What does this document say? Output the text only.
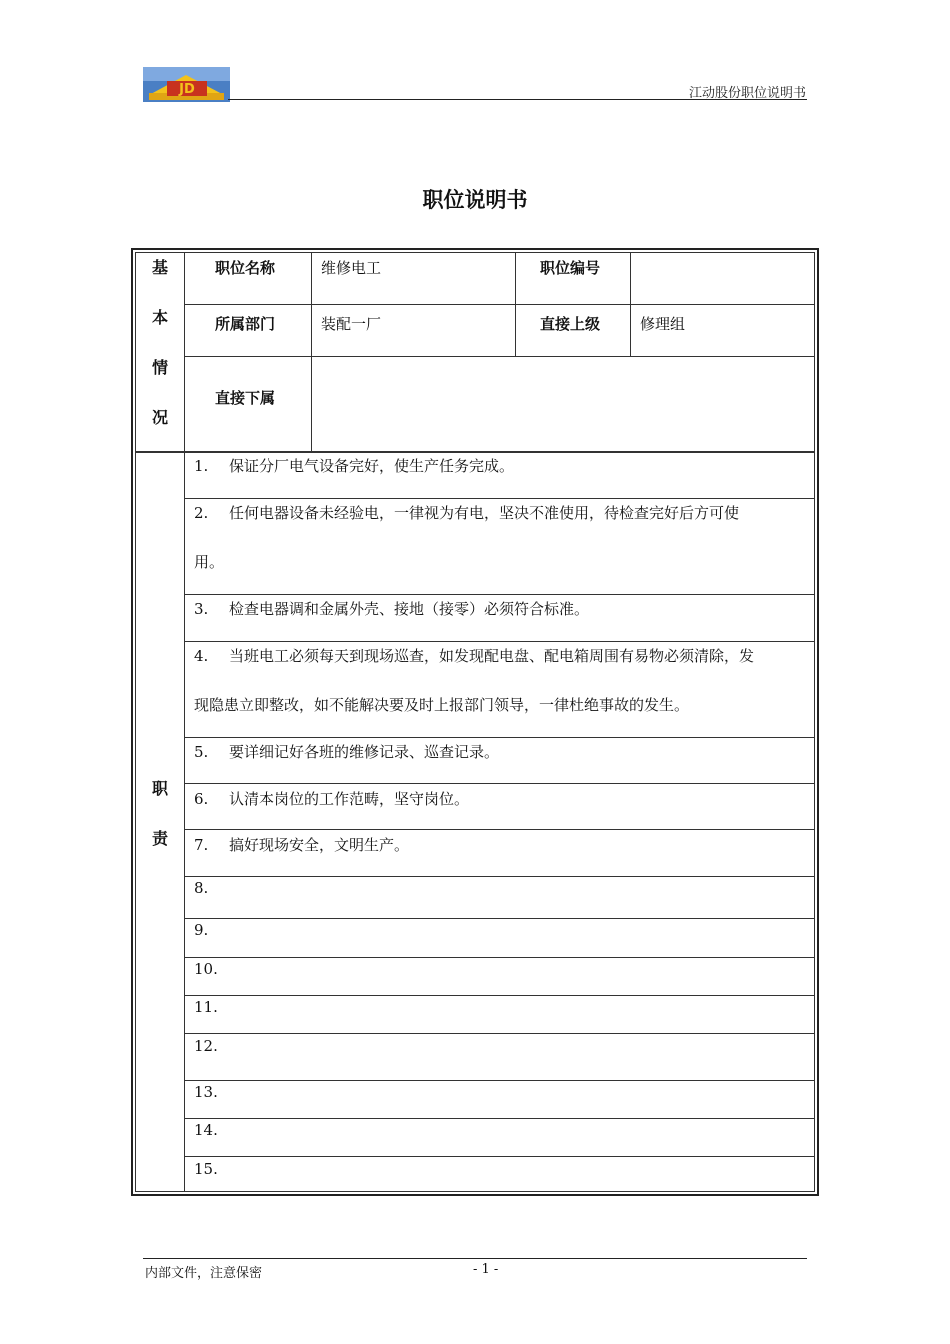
JD	江动股份职位说明书
职位说明书
基
本
情
况
职位名称	维修电工	职位编号
所属部门	装配一厂	直接上级	修理组
直接下属
职
责
1. 保证分厂电气设备完好，使生产任务完成。
2. 任何电器设备未经验电，一律视为有电，坚决不准使用，待检查完好后方可使
用。
3. 检查电器调和金属外壳、接地（接零）必须符合标准。
4. 当班电工必须每天到现场巡查，如发现配电盘、配电箱周围有易物必须清除，发
现隐患立即整改，如不能解决要及时上报部门领导，一律杜绝事故的发生。
5. 要详细记好各班的维修记录、巡查记录。
6. 认清本岗位的工作范畴，坚守岗位。
7. 搞好现场安全，文明生产。
8.
9.
10.
11.
12.
13.
14.
15.
内部文件，注意保密	- 1 -
